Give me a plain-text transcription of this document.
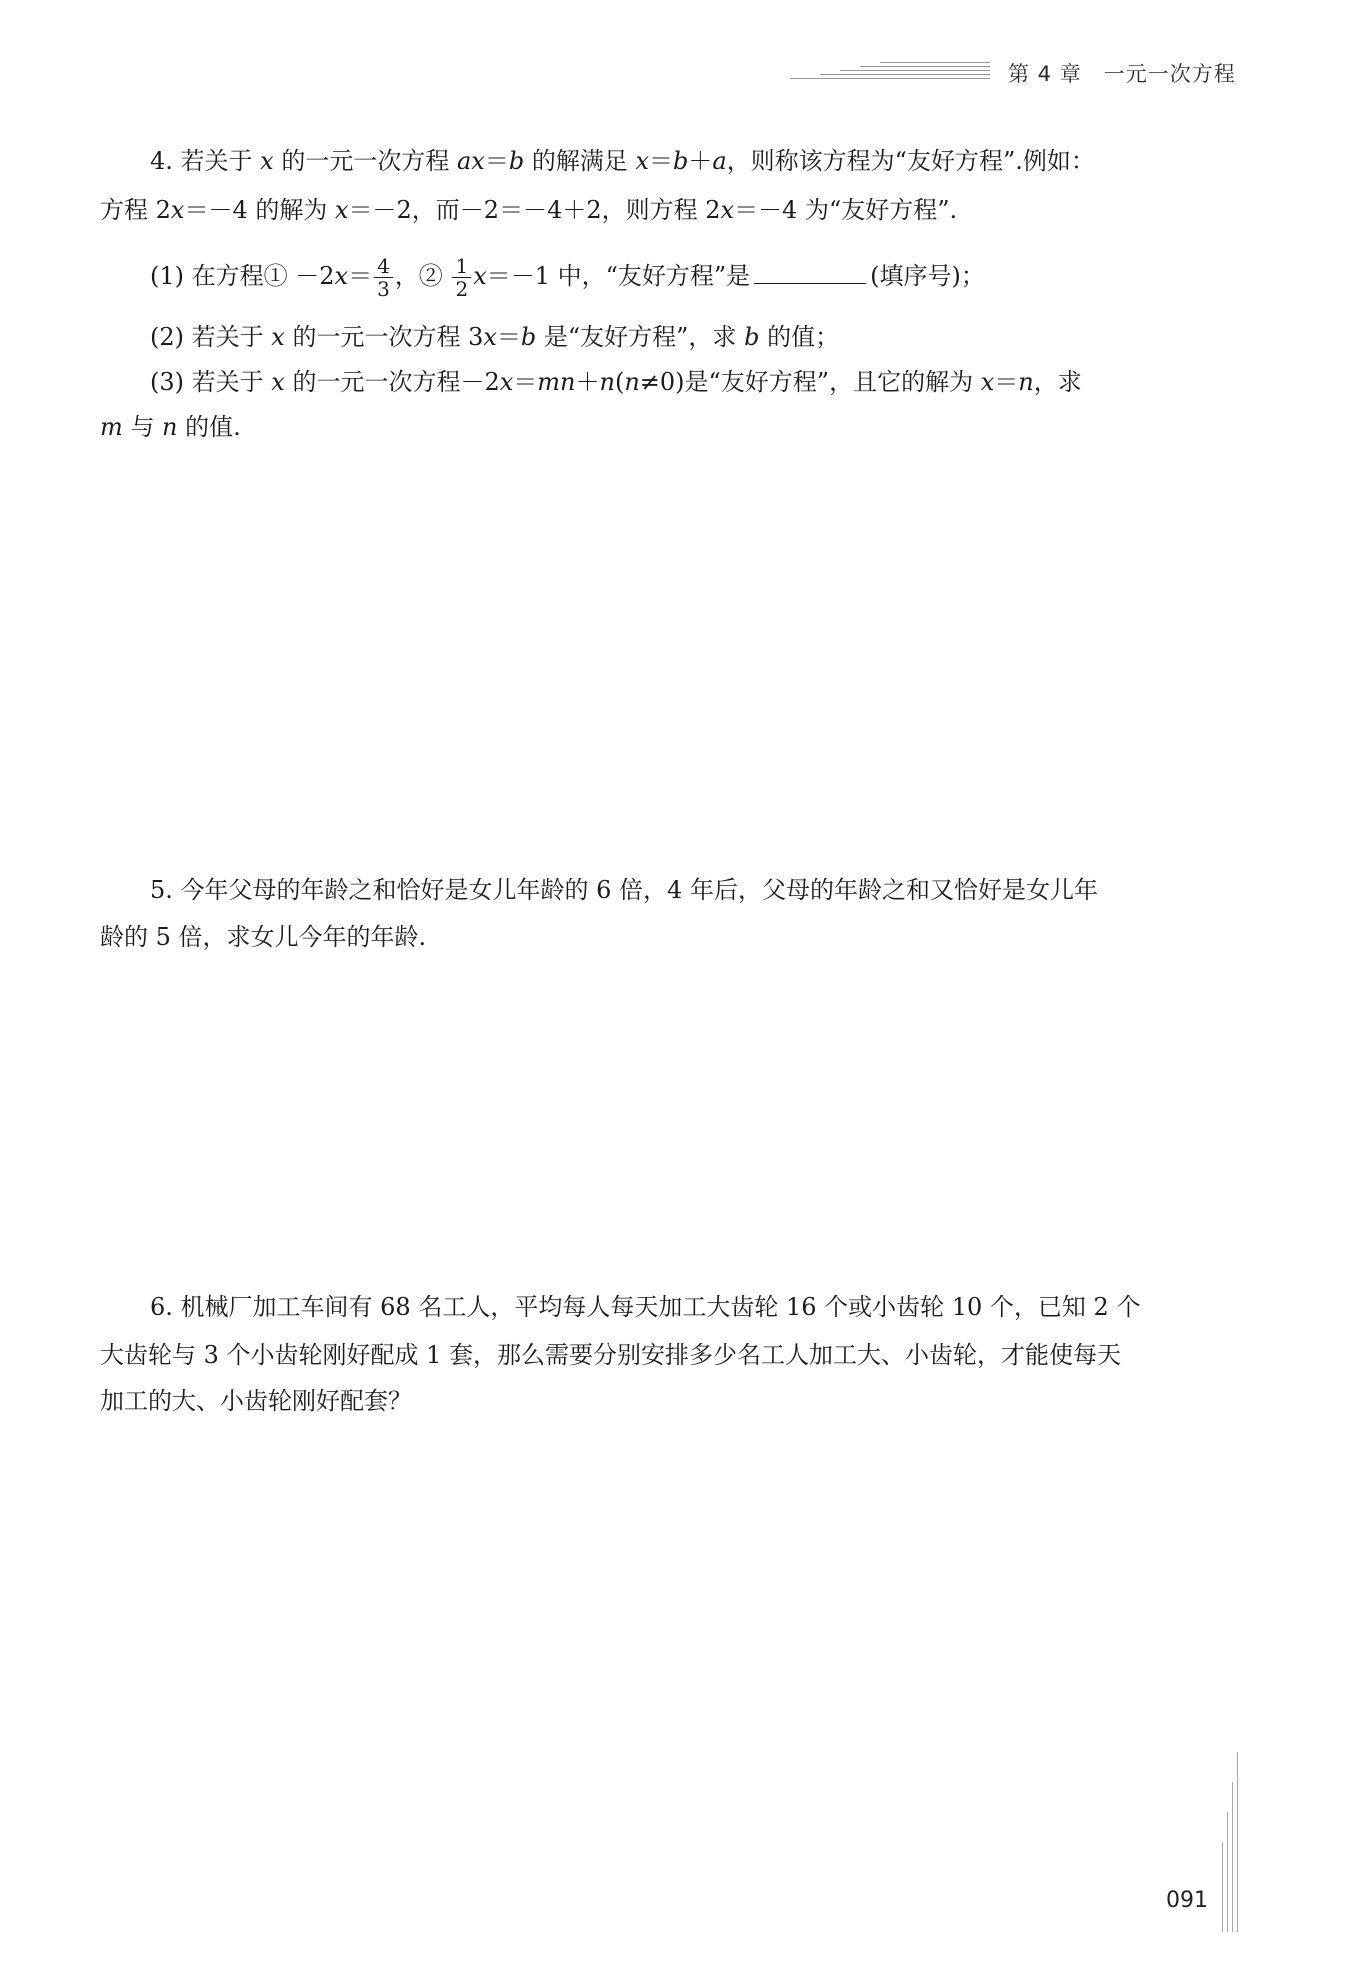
第 4 章 一元一次方程
4. 若关于 x 的一元一次方程 ax＝b 的解满足 x＝b＋a，则称该方程为“友好方程”.例如：
方程 2x＝－4 的解为 x＝－2，而－2＝－4＋2，则方程 2x＝－4 为“友好方程”.
(1) 在方程① $-2x= \frac{4}{3}$ ，② $\frac{1}{2} x=-1$ 中，“友好方程”是	(填序号)；
(2) 若关于 x 的一元一次方程 3x＝b 是“友好方程”，求 b 的值；
(3) 若关于 x 的一元一次方程－2x＝mn＋n(n≠0)是“友好方程”，且它的解为 x＝n，求
m 与 n 的值.
5. 今年父母的年龄之和恰好是女儿年龄的 6 倍，4 年后，父母的年龄之和又恰好是女儿年
龄的 5 倍，求女儿今年的年龄.
6. 机械厂加工车间有 68 名工人，平均每人每天加工大齿轮 16 个或小齿轮 10 个，已知 2 个
大齿轮与 3 个小齿轮刚好配成 1 套，那么需要分别安排多少名工人加工大、小齿轮，才能使每天
加工的大、小齿轮刚好配套？
091
